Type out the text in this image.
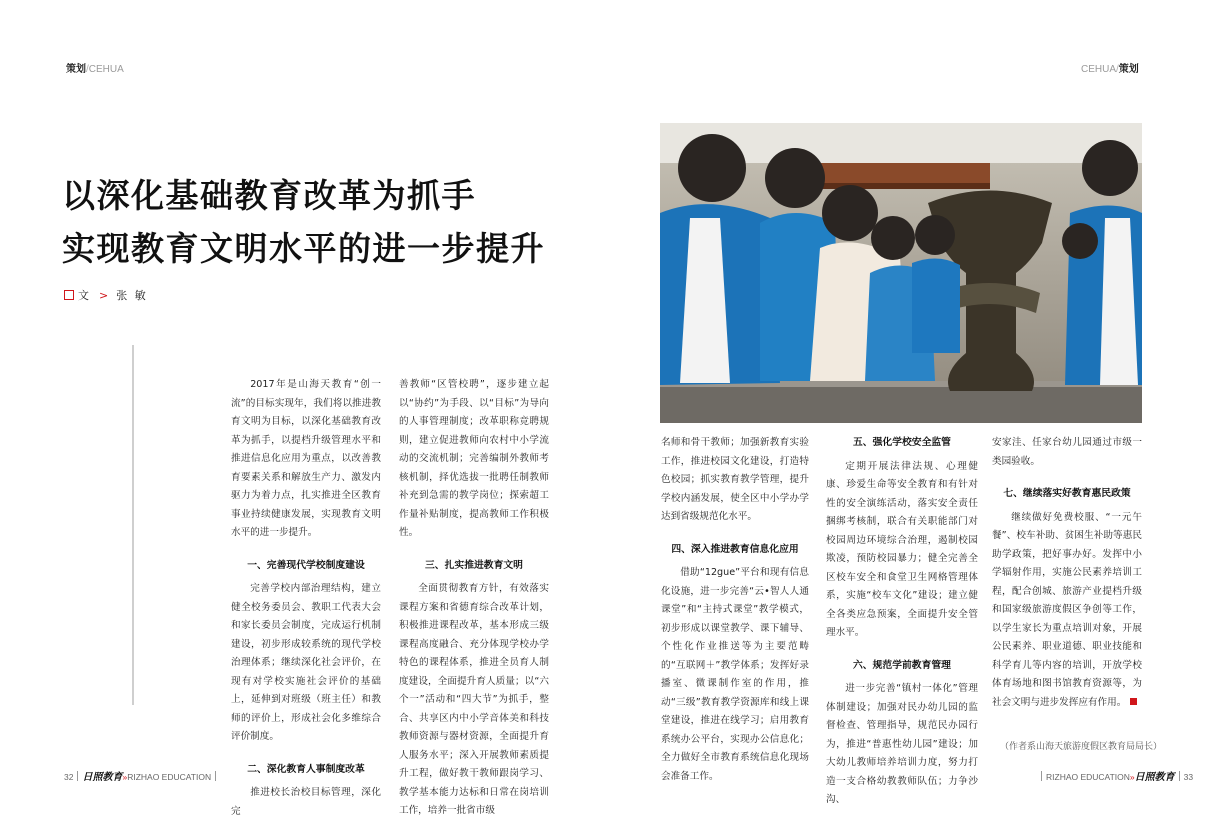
策划/CEHUA	CEHUA/策划
以深化基础教育改革为抓手
实现教育文明水平的进一步提升
文 > 张 敏

2017年是山海天教育“创一流”的目标实现年，我们将以推进教育文明为目标，以深化基础教育改革为抓手，以提档升级管理水平和推进信息化应用为重点，以改善教育要素关系和解放生产力、激发内驱力为着力点，扎实推进全区教育事业持续健康发展，实现教育文明水平的进一步提升。

一、完善现代学校制度建设

完善学校内部治理结构，建立健全校务委员会、教职工代表大会和家长委员会制度，完成运行机制建设，初步形成较系统的现代学校治理体系；继续深化社会评价，在现有对学校实施社会评价的基础上，延伸到对班级（班主任）和教师的评价上，形成社会化多维综合评价制度。

二、深化教育人事制度改革

推进校长治校目标管理，深化完

善教师“区管校聘”，逐步建立起以“协约”为手段、以“目标”为导向的人事管理制度；改革职称竞聘规则，建立促进教师向农村中小学流动的交流机制；完善编制外教师考核机制，择优选拔一批聘任制教师补充到急需的教学岗位；探索超工作量补贴制度，提高教师工作积极性。

三、扎实推进教育文明

全面贯彻教育方针，有效落实课程方案和省德育综合改革计划，积极推进课程改革，基本形成三级课程高度融合、充分体现学校办学特色的课程体系，推进全员育人制度建设，全面提升育人质量；以“六个一”活动和“四大节”为抓手，整合、共享区内中小学音体美和科技教师资源与器材资源，全面提升育人服务水平；深入开展教师素质提升工程，做好教干教师跟岗学习、教学基本能力达标和日常在岗培训工作，培养一批省市级

名师和骨干教师；加强新教育实验工作，推进校园文化建设，打造特色校园；抓实教育教学管理，提升学校内涵发展，使全区中小学办学达到省级规范化水平。

四、深入推进教育信息化应用

借助“12gue”平台和现有信息化设施，进一步完善“云•智人人通课堂”和“主持式课堂”教学模式，初步形成以课堂教学、课下辅导、个性化作业推送等为主要范畴的“互联网＋”教学体系；发挥好录播室、微课制作室的作用，推动“三级”教育教学资源库和线上课堂建设，推进在线学习；启用教育系统办公平台，实现办公信息化；全力做好全市教育系统信息化现场会准备工作。

五、强化学校安全监管

定期开展法律法规、心理健康、珍爱生命等安全教育和有针对性的安全演练活动，落实安全责任捆绑考核制，联合有关职能部门对校园周边环境综合治理，遏制校园欺凌，预防校园暴力；健全完善全区校车安全和食堂卫生网格管理体系，实施“校车文化”建设；建立健全各类应急预案，全面提升安全管理水平。

六、规范学前教育管理

进一步完善“镇村一体化”管理体制建设；加强对民办幼儿园的监督检查、管理指导，规范民办园行为，推进“普惠性幼儿园”建设；加大幼儿教师培养培训力度，努力打造一支合格幼教教师队伍；力争沙沟、

安家洼、任家台幼儿园通过市级一类园验收。

七、继续落实好教育惠民政策

继续做好免费校服、“一元午餐”、校车补助、贫困生补助等惠民助学政策，把好事办好。发挥中小学辐射作用，实施公民素养培训工程，配合创城、旅游产业提档升级和国家级旅游度假区争创等工作，以学生家长为重点培训对象，开展公民素养、职业道德、职业技能和科学育儿等内容的培训，开放学校体育场地和图书馆教育资源等，为社会文明与进步发挥应有作用。

（作者系山海天旅游度假区教育局局长）
32 日照教育»RIZHAO EDUCATION	RIZHAO EDUCATION»日照教育 33
